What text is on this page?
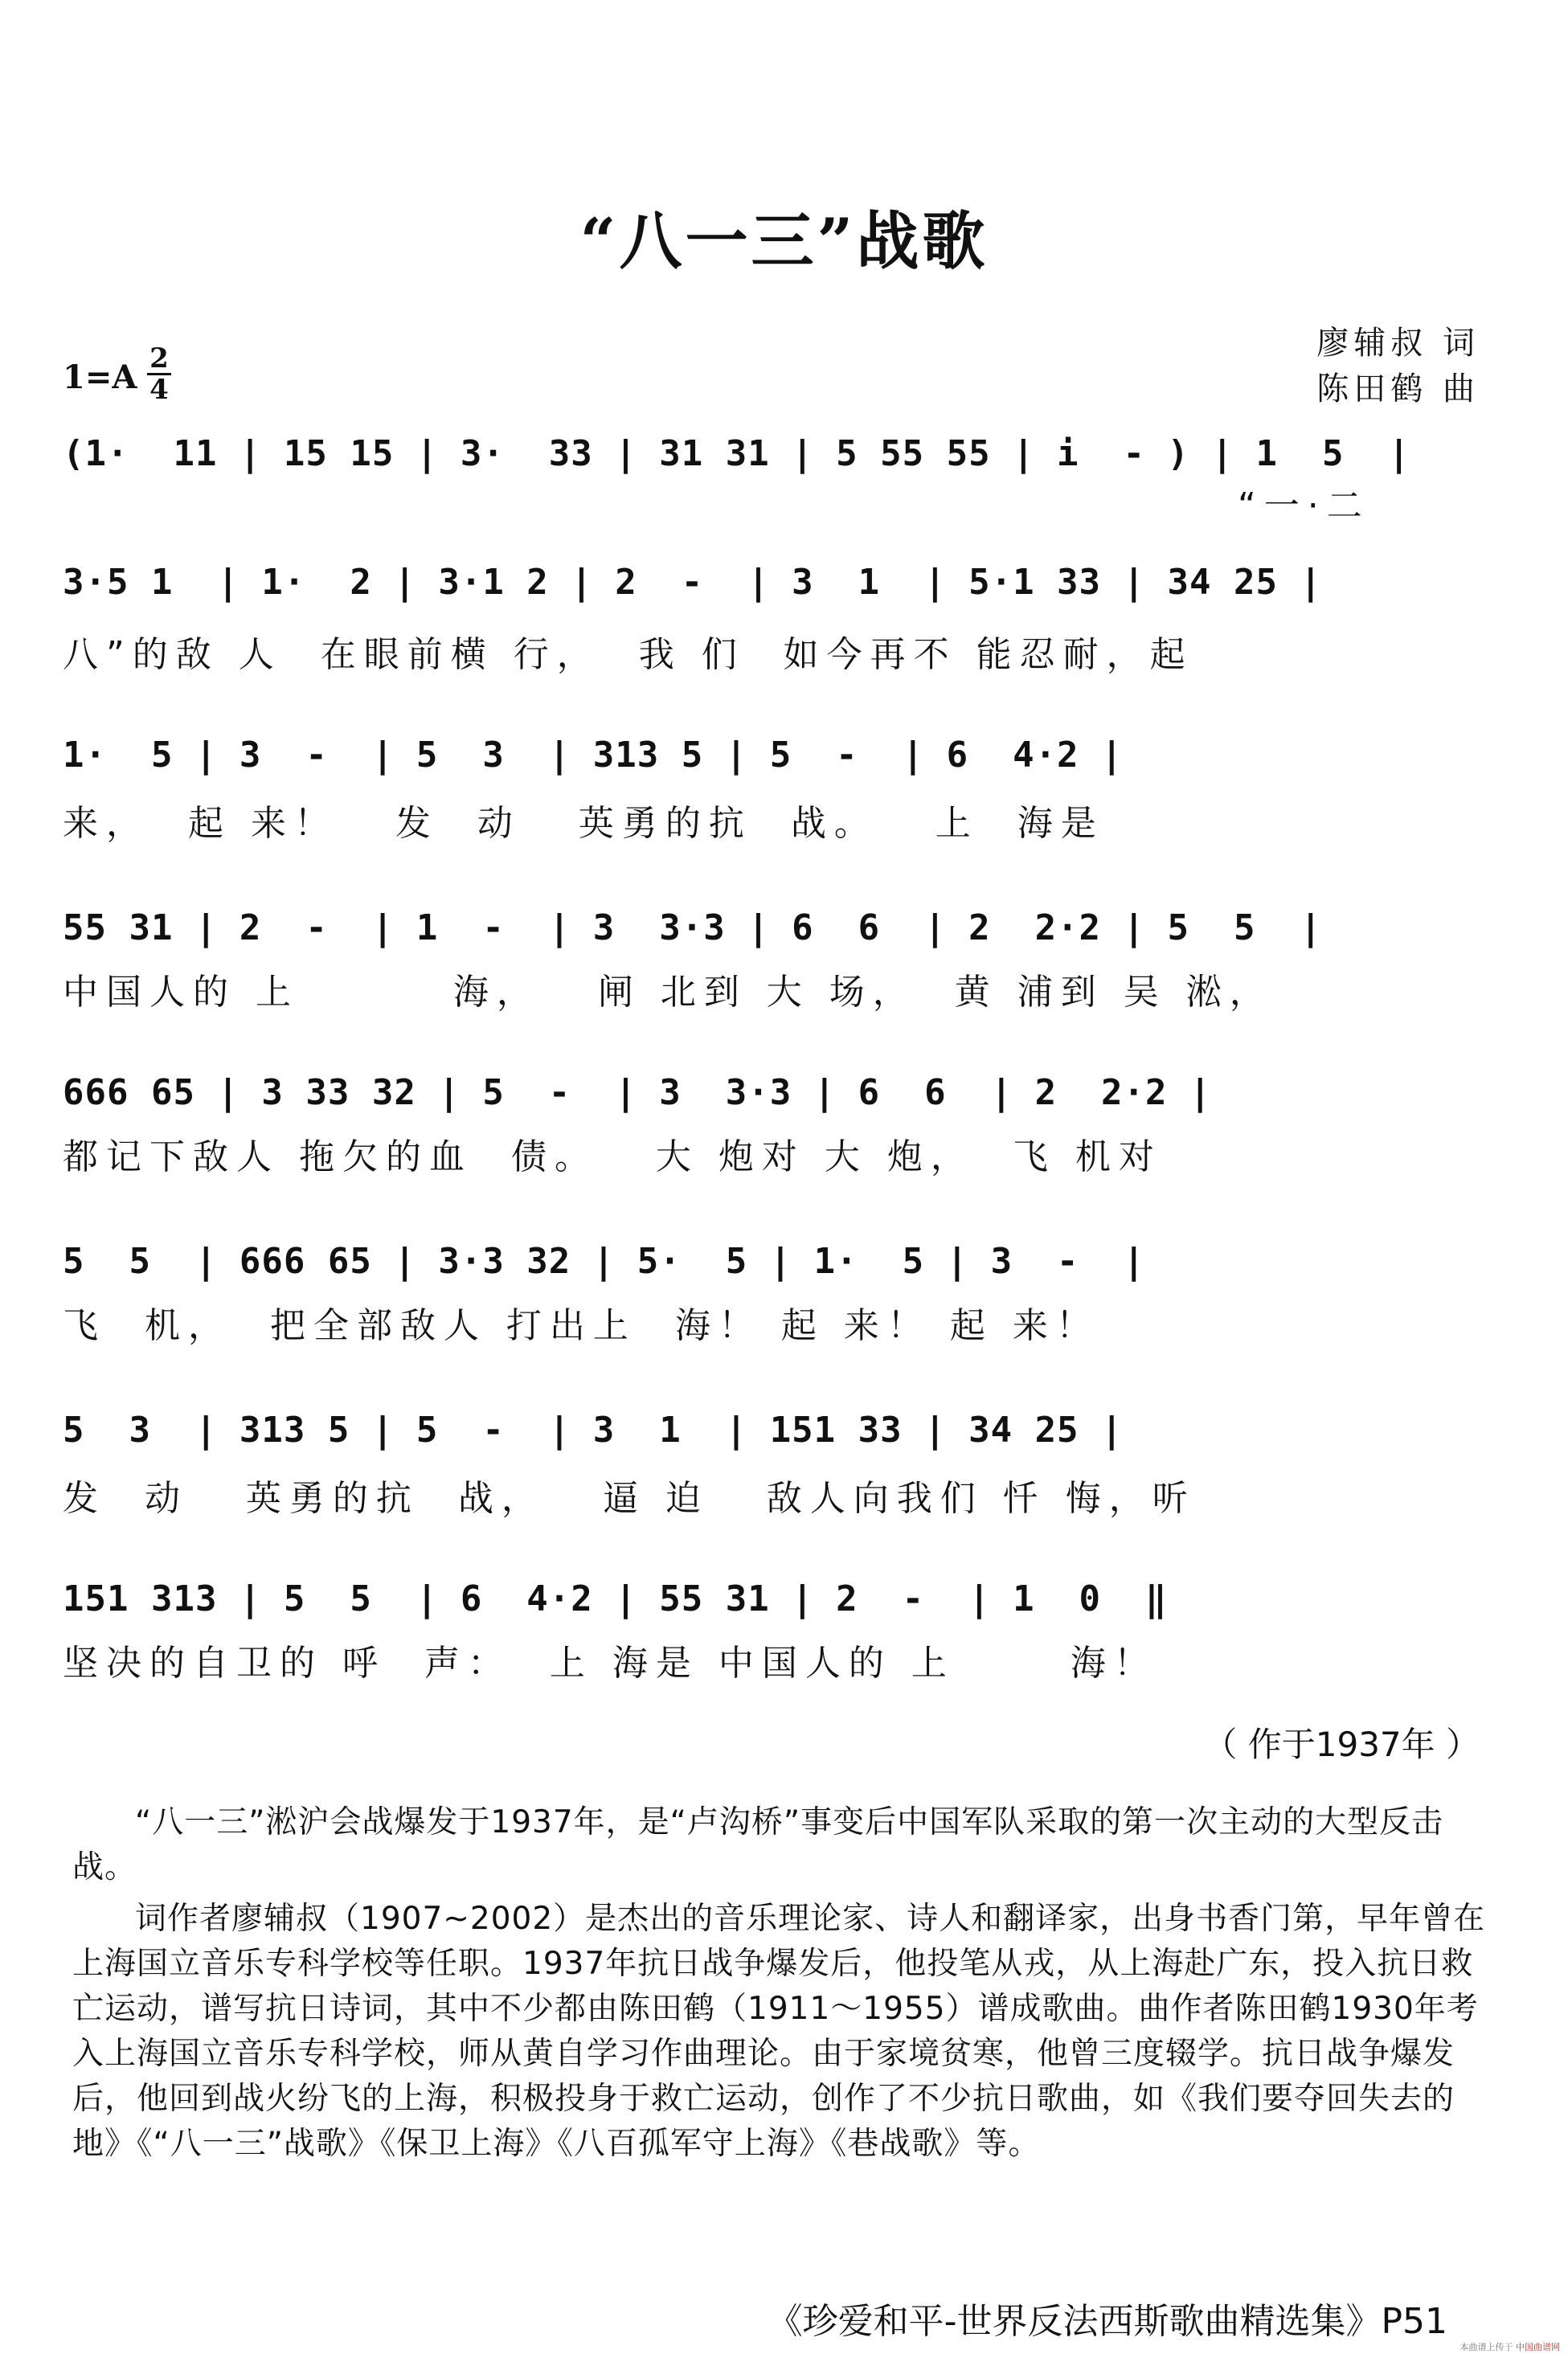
“八一三”战歌
廖辅叔 词
陈田鹤 曲
1=A 2
4
(1·  11 | 15 15 | 3·  33 | 31 31 | 5 55 55 | i  - ) | 1  5  |
“一·二
3·5 1  | 1·  2 | 3·1 2 | 2  -  | 3  1  | 5·1 33 | 34 25 |
八”的敌 人  在眼前横 行，  我 们  如今再不 能忍耐，起
1·  5 | 3  -  | 5  3  | 313 5 | 5  -  | 6  4·2 |
来，  起 来！   发  动   英勇的抗  战。   上  海是
55 31 | 2  -  | 1  -  | 3  3·3 | 6  6  | 2  2·2 | 5  5  |
中国人的 上        海，   闸 北到 大 场，  黄 浦到 吴 淞，
666 65 | 3 33 32 | 5  -  | 3  3·3 | 6  6  | 2  2·2 |
都记下敌人 拖欠的血  债。   大 炮对 大 炮，  飞 机对
5  5  | 666 65 | 3·3 32 | 5·  5 | 1·  5 | 3  -  |
飞  机，  把全部敌人 打出上  海！ 起 来！ 起 来！
5  3  | 313 5 | 5  -  | 3  1  | 151 33 | 34 25 |
发  动   英勇的抗  战，   逼 迫   敌人向我们 忏 悔，听
151 313 | 5  5  | 6  4·2 | 55 31 | 2  -  | 1  0  ‖
坚决的自卫的 呼  声：  上 海是 中国人的 上      海！
（ 作于1937年 ）
“八一三”淞沪会战爆发于1937年，是“卢沟桥”事变后中国军队采取的第一次主动的大型反击战。
词作者廖辅叔（1907~2002）是杰出的音乐理论家、诗人和翻译家，出身书香门第，早年曾在上海国立音乐专科学校等任职。1937年抗日战争爆发后，他投笔从戎，从上海赴广东，投入抗日救亡运动，谱写抗日诗词，其中不少都由陈田鹤（1911～1955）谱成歌曲。曲作者陈田鹤1930年考入上海国立音乐专科学校，师从黄自学习作曲理论。由于家境贫寒，他曾三度辍学。抗日战争爆发后，他回到战火纷飞的上海，积极投身于救亡运动，创作了不少抗日歌曲，如《我们要夺回失去的地》《“八一三”战歌》《保卫上海》《八百孤军守上海》《巷战歌》等。
《珍爱和平-世界反法西斯歌曲精选集》P51
本曲谱上传于 中国曲谱网
